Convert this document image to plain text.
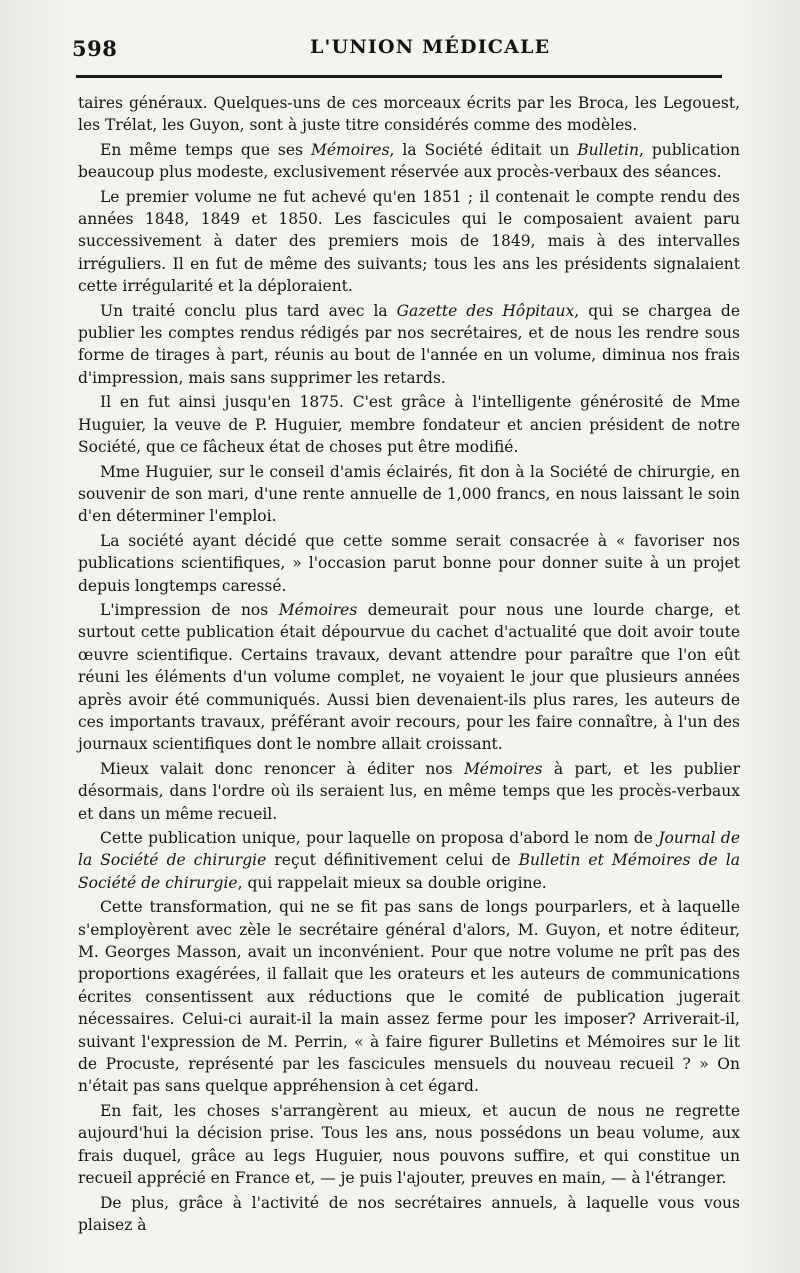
598	L'UNION MÉDICALE

taires généraux. Quelques-uns de ces morceaux écrits par les Broca, les Legouest, les Trélat, les Guyon, sont à juste titre considérés comme des modèles.

En même temps que ses Mémoires, la Société éditait un Bulletin, publication beaucoup plus modeste, exclusivement réservée aux procès-verbaux des séances.

Le premier volume ne fut achevé qu'en 1851 ; il contenait le compte rendu des années 1848, 1849 et 1850. Les fascicules qui le composaient avaient paru successivement à dater des premiers mois de 1849, mais à des intervalles irréguliers. Il en fut de même des suivants; tous les ans les présidents signalaient cette irrégularité et la déploraient.

Un traité conclu plus tard avec la Gazette des Hôpitaux, qui se chargea de publier les comptes rendus rédigés par nos secrétaires, et de nous les rendre sous forme de tirages à part, réunis au bout de l'année en un volume, diminua nos frais d'impression, mais sans supprimer les retards.

Il en fut ainsi jusqu'en 1875. C'est grâce à l'intelligente générosité de Mme Huguier, la veuve de P. Huguier, membre fondateur et ancien président de notre Société, que ce fâcheux état de choses put être modifié.

Mme Huguier, sur le conseil d'amis éclairés, fit don à la Société de chirurgie, en souvenir de son mari, d'une rente annuelle de 1,000 francs, en nous laissant le soin d'en déterminer l'emploi.

La société ayant décidé que cette somme serait consacrée à « favoriser nos publications scientifiques, » l'occasion parut bonne pour donner suite à un projet depuis longtemps caressé.

L'impression de nos Mémoires demeurait pour nous une lourde charge, et surtout cette publication était dépourvue du cachet d'actualité que doit avoir toute œuvre scientifique. Certains travaux, devant attendre pour paraître que l'on eût réuni les éléments d'un volume complet, ne voyaient le jour que plusieurs années après avoir été communiqués. Aussi bien devenaient-ils plus rares, les auteurs de ces importants travaux, préférant avoir recours, pour les faire connaître, à l'un des journaux scientifiques dont le nombre allait croissant.

Mieux valait donc renoncer à éditer nos Mémoires à part, et les publier désormais, dans l'ordre où ils seraient lus, en même temps que les procès-verbaux et dans un même recueil.

Cette publication unique, pour laquelle on proposa d'abord le nom de Journal de la Société de chirurgie reçut définitivement celui de Bulletin et Mémoires de la Société de chirurgie, qui rappelait mieux sa double origine.

Cette transformation, qui ne se fit pas sans de longs pourparlers, et à laquelle s'employèrent avec zèle le secrétaire général d'alors, M. Guyon, et notre éditeur, M. Georges Masson, avait un inconvénient. Pour que notre volume ne prît pas des proportions exagérées, il fallait que les orateurs et les auteurs de communications écrites consentissent aux réductions que le comité de publication jugerait nécessaires. Celui-ci aurait-il la main assez ferme pour les imposer? Arriverait-il, suivant l'expression de M. Perrin, « à faire figurer Bulletins et Mémoires sur le lit de Procuste, représenté par les fascicules mensuels du nouveau recueil ? » On n'était pas sans quelque appréhension à cet égard.

En fait, les choses s'arrangèrent au mieux, et aucun de nous ne regrette aujourd'hui la décision prise. Tous les ans, nous possédons un beau volume, aux frais duquel, grâce au legs Huguier, nous pouvons suffire, et qui constitue un recueil apprécié en France et, — je puis l'ajouter, preuves en main, — à l'étranger.

De plus, grâce à l'activité de nos secrétaires annuels, à laquelle vous vous plaisez à
